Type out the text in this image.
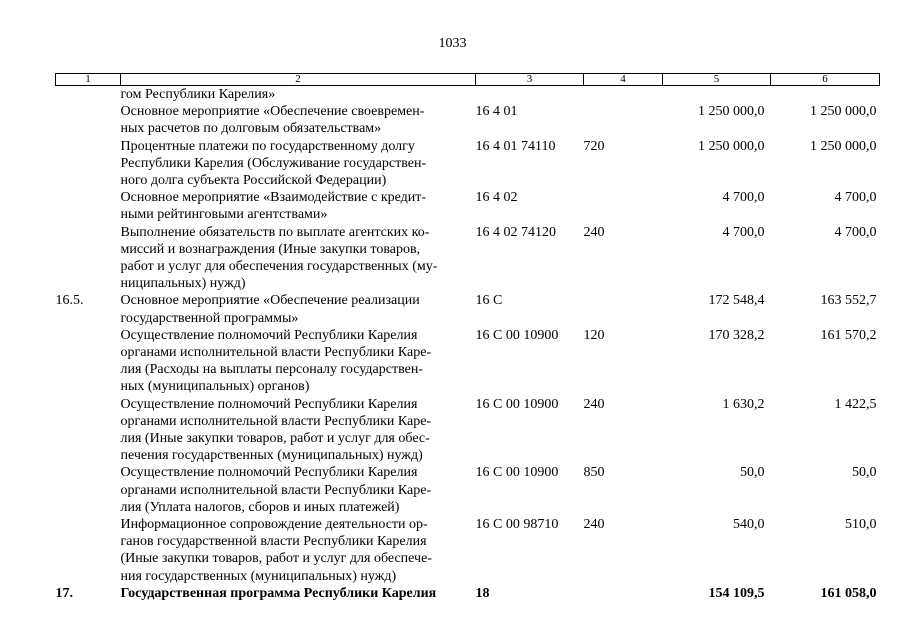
1033
1	2	3	4	5	6

	гом Республики Карелия»				

	Основное мероприятие «Обеспечение своевремен-
ных расчетов по долговым обязательствам»	16 4 01		1 250 000,0	1 250 000,0

	Процентные платежи по государственному долгу
Республики Карелия (Обслуживание государствен-
ного долга субъекта Российской Федерации)	16 4 01 74110	720	1 250 000,0	1 250 000,0

	Основное мероприятие «Взаимодействие с кредит-
ными рейтинговыми агентствами»	16 4 02		4 700,0	4 700,0

	Выполнение обязательств по выплате агентских ко-
миссий и вознаграждения (Иные закупки товаров,
работ и услуг для обеспечения государственных (му-
ниципальных) нужд)	16 4 02 74120	240	4 700,0	4 700,0
16.5.	Основное мероприятие «Обеспечение реализации
государственной программы»	16 С		172 548,4	163 552,7

	Осуществление полномочий Республики Карелия
органами исполнительной власти Республики Каре-
лия (Расходы на выплаты персоналу государствен-
ных (муниципальных) органов)	16 С 00 10900	120	170 328,2	161 570,2

	Осуществление полномочий Республики Карелия
органами исполнительной власти Республики Каре-
лия (Иные закупки товаров, работ и услуг для обес-
печения государственных (муниципальных) нужд)	16 С 00 10900	240	1 630,2	1 422,5

	Осуществление полномочий Республики Карелия
органами исполнительной власти Республики Каре-
лия (Уплата налогов, сборов и иных платежей)	16 С 00 10900	850	50,0	50,0

	Информационное сопровождение деятельности ор-
ганов государственной власти Республики Карелия
(Иные закупки товаров, работ и услуг для обеспече-
ния государственных (муниципальных) нужд)	16 С 00 98710	240	540,0	510,0
17.	Государственная программа Республики Карелия	18		154 109,5	161 058,0
